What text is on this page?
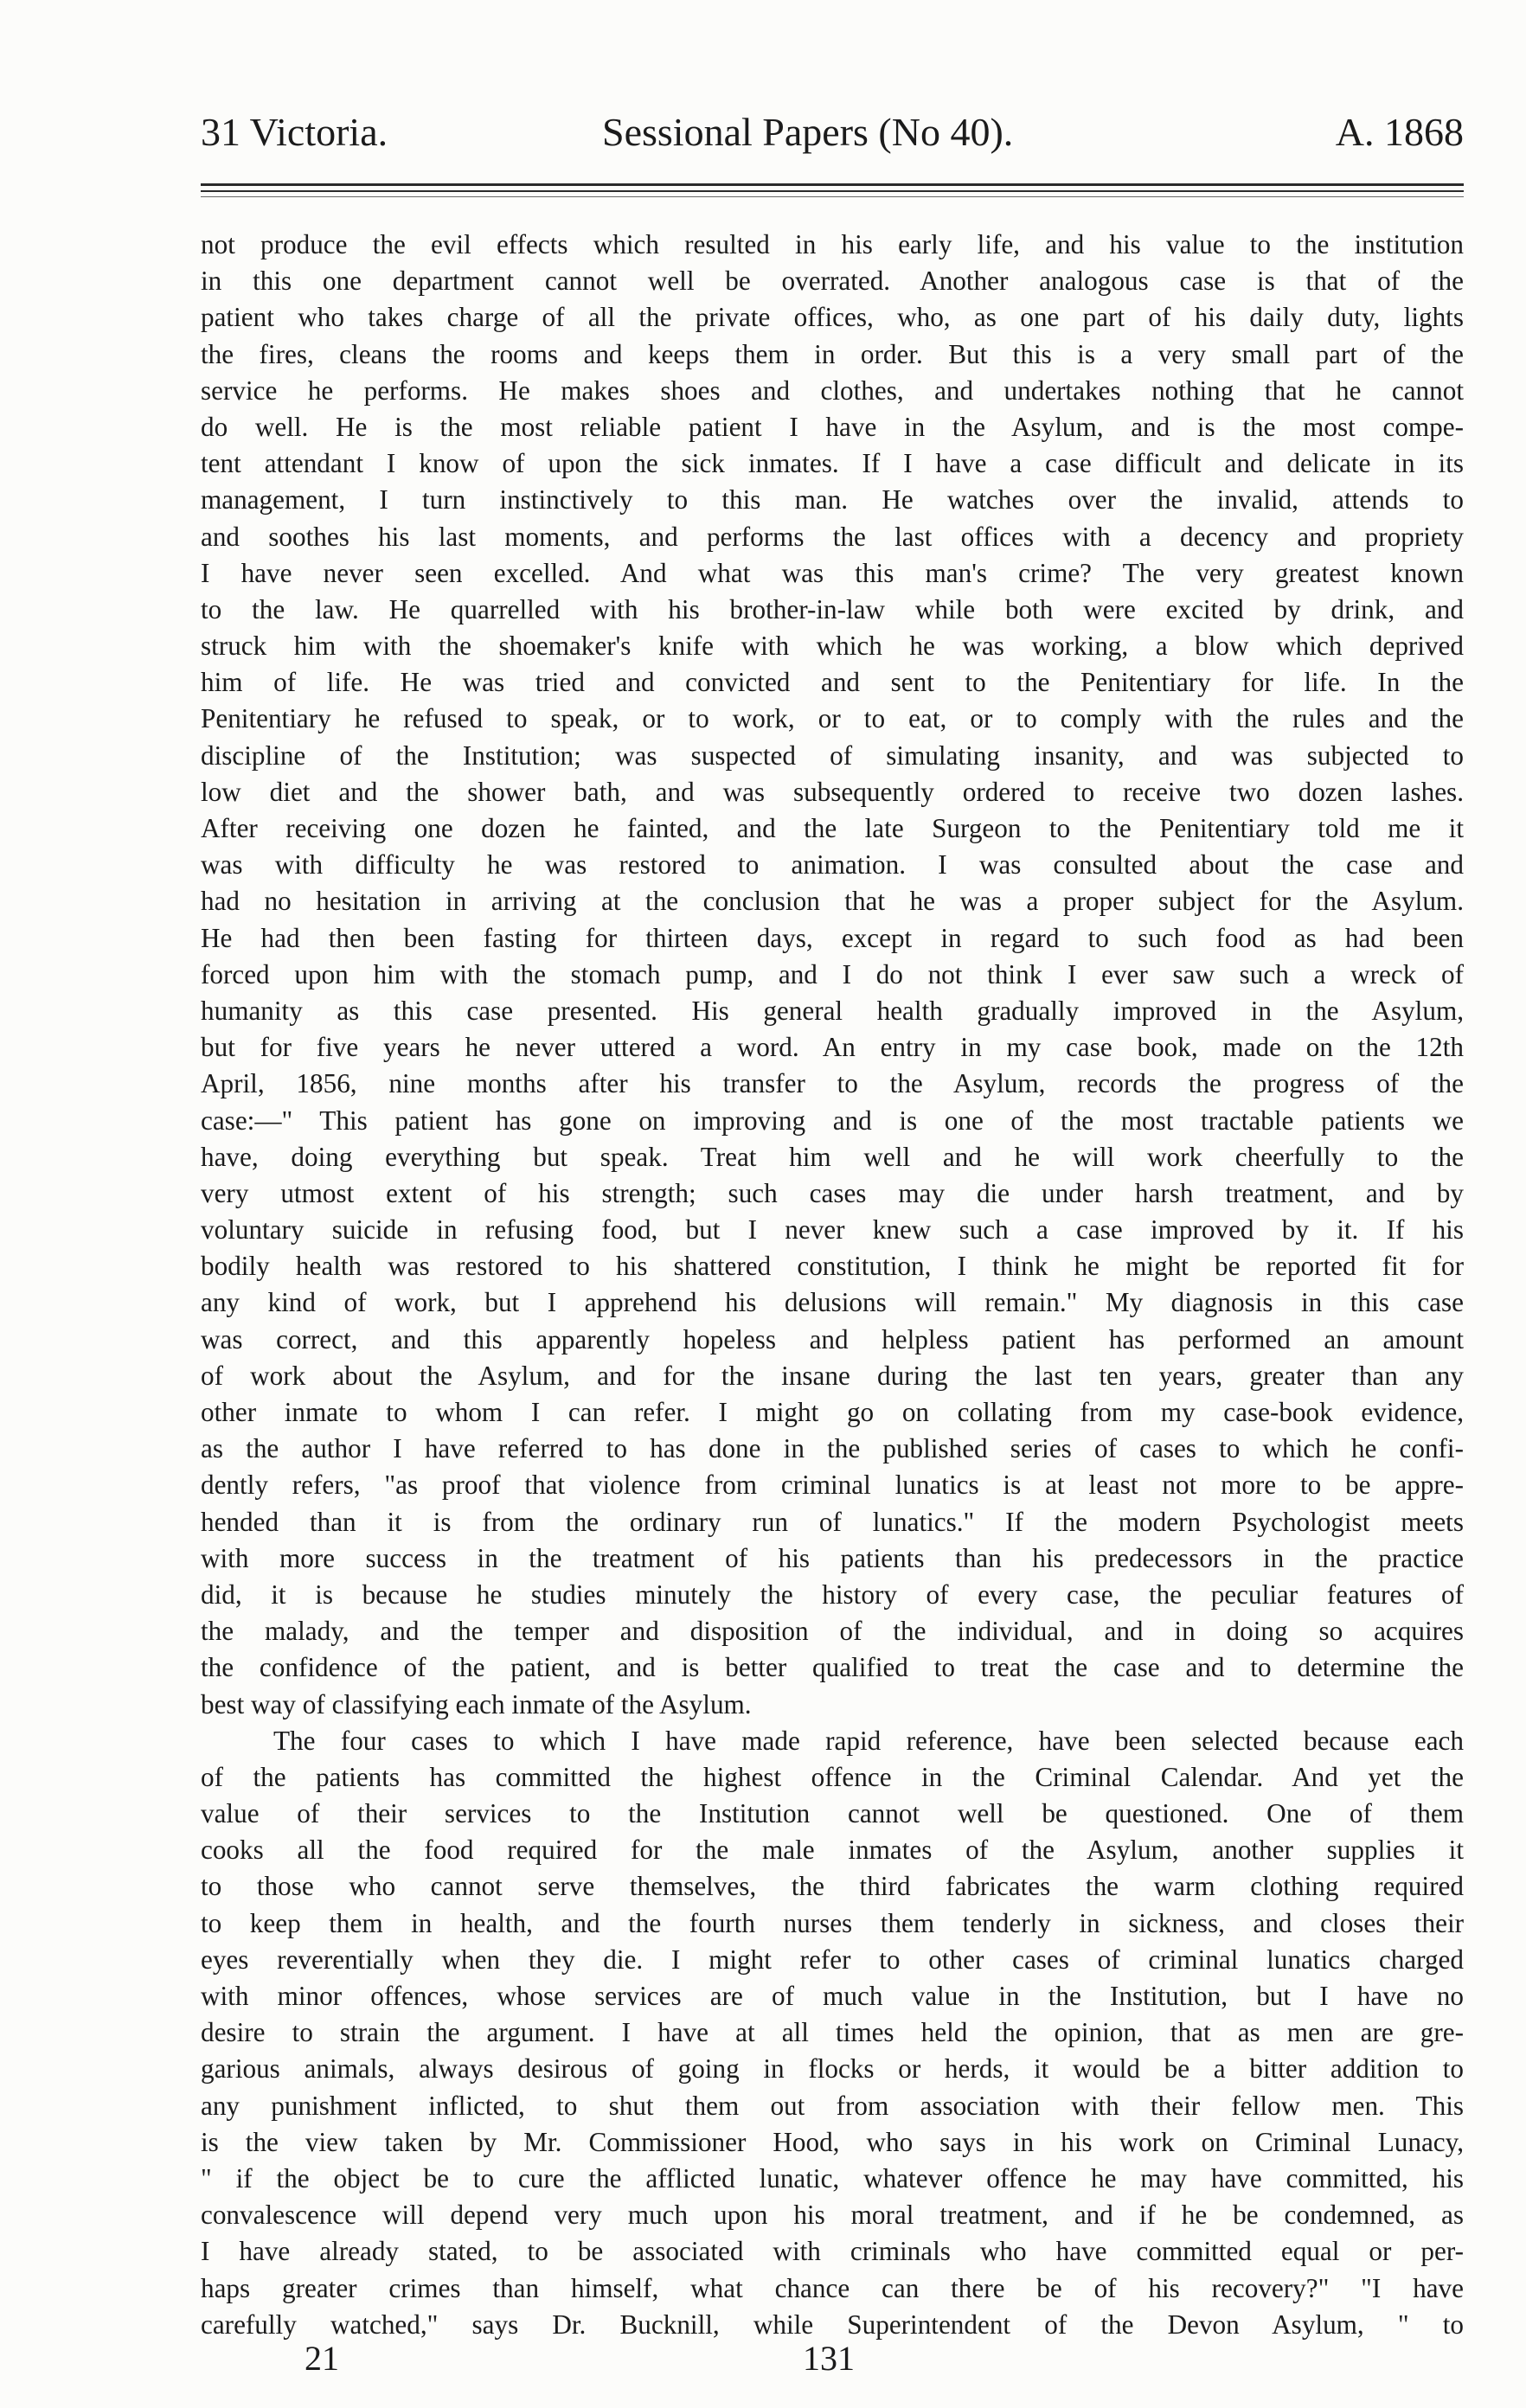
31 Victoria.	Sessional Papers (No 40).	A. 1868
not produce the evil effects which resulted in his early life, and his value to the institution
in this one department cannot well be overrated. Another analogous case is that of the
patient who takes charge of all the private offices, who, as one part of his daily duty, lights
the fires, cleans the rooms and keeps them in order. But this is a very small part of the
service he performs. He makes shoes and clothes, and undertakes nothing that he cannot
do well. He is the most reliable patient I have in the Asylum, and is the most compe-
tent attendant I know of upon the sick inmates. If I have a case difficult and delicate in its
management, I turn instinctively to this man. He watches over the invalid, attends to
and soothes his last moments, and performs the last offices with a decency and propriety
I have never seen excelled. And what was this man's crime? The very greatest known
to the law. He quarrelled with his brother-in-law while both were excited by drink, and
struck him with the shoemaker's knife with which he was working, a blow which deprived
him of life. He was tried and convicted and sent to the Penitentiary for life. In the
Penitentiary he refused to speak, or to work, or to eat, or to comply with the rules and the
discipline of the Institution; was suspected of simulating insanity, and was subjected to
low diet and the shower bath, and was subsequently ordered to receive two dozen lashes.
After receiving one dozen he fainted, and the late Surgeon to the Penitentiary told me it
was with difficulty he was restored to animation. I was consulted about the case and
had no hesitation in arriving at the conclusion that he was a proper subject for the Asylum.
He had then been fasting for thirteen days, except in regard to such food as had been
forced upon him with the stomach pump, and I do not think I ever saw such a wreck of
humanity as this case presented. His general health gradually improved in the Asylum,
but for five years he never uttered a word. An entry in my case book, made on the 12th
April, 1856, nine months after his transfer to the Asylum, records the progress of the
case:—" This patient has gone on improving and is one of the most tractable patients we
have, doing everything but speak. Treat him well and he will work cheerfully to the
very utmost extent of his strength; such cases may die under harsh treatment, and by
voluntary suicide in refusing food, but I never knew such a case improved by it. If his
bodily health was restored to his shattered constitution, I think he might be reported fit for
any kind of work, but I apprehend his delusions will remain." My diagnosis in this case
was correct, and this apparently hopeless and helpless patient has performed an amount
of work about the Asylum, and for the insane during the last ten years, greater than any
other inmate to whom I can refer. I might go on collating from my case-book evidence,
as the author I have referred to has done in the published series of cases to which he confi-
dently refers, "as proof that violence from criminal lunatics is at least not more to be appre-
hended than it is from the ordinary run of lunatics." If the modern Psychologist meets
with more success in the treatment of his patients than his predecessors in the practice
did, it is because he studies minutely the history of every case, the peculiar features of
the malady, and the temper and disposition of the individual, and in doing so acquires
the confidence of the patient, and is better qualified to treat the case and to determine the
best way of classifying each inmate of the Asylum.
The four cases to which I have made rapid reference, have been selected because each
of the patients has committed the highest offence in the Criminal Calendar. And yet the
value of their services to the Institution cannot well be questioned. One of them
cooks all the food required for the male inmates of the Asylum, another supplies it
to those who cannot serve themselves, the third fabricates the warm clothing required
to keep them in health, and the fourth nurses them tenderly in sickness, and closes their
eyes reverentially when they die. I might refer to other cases of criminal lunatics charged
with minor offences, whose services are of much value in the Institution, but I have no
desire to strain the argument. I have at all times held the opinion, that as men are gre-
garious animals, always desirous of going in flocks or herds, it would be a bitter addition to
any punishment inflicted, to shut them out from association with their fellow men. This
is the view taken by Mr. Commissioner Hood, who says in his work on Criminal Lunacy,
" if the object be to cure the afflicted lunatic, whatever offence he may have committed, his
convalescence will depend very much upon his moral treatment, and if he be condemned, as
I have already stated, to be associated with criminals who have committed equal or per-
haps greater crimes than himself, what chance can there be of his recovery?" "I have
carefully watched," says Dr. Bucknill, while Superintendent of the Devon Asylum, " to
21	131
